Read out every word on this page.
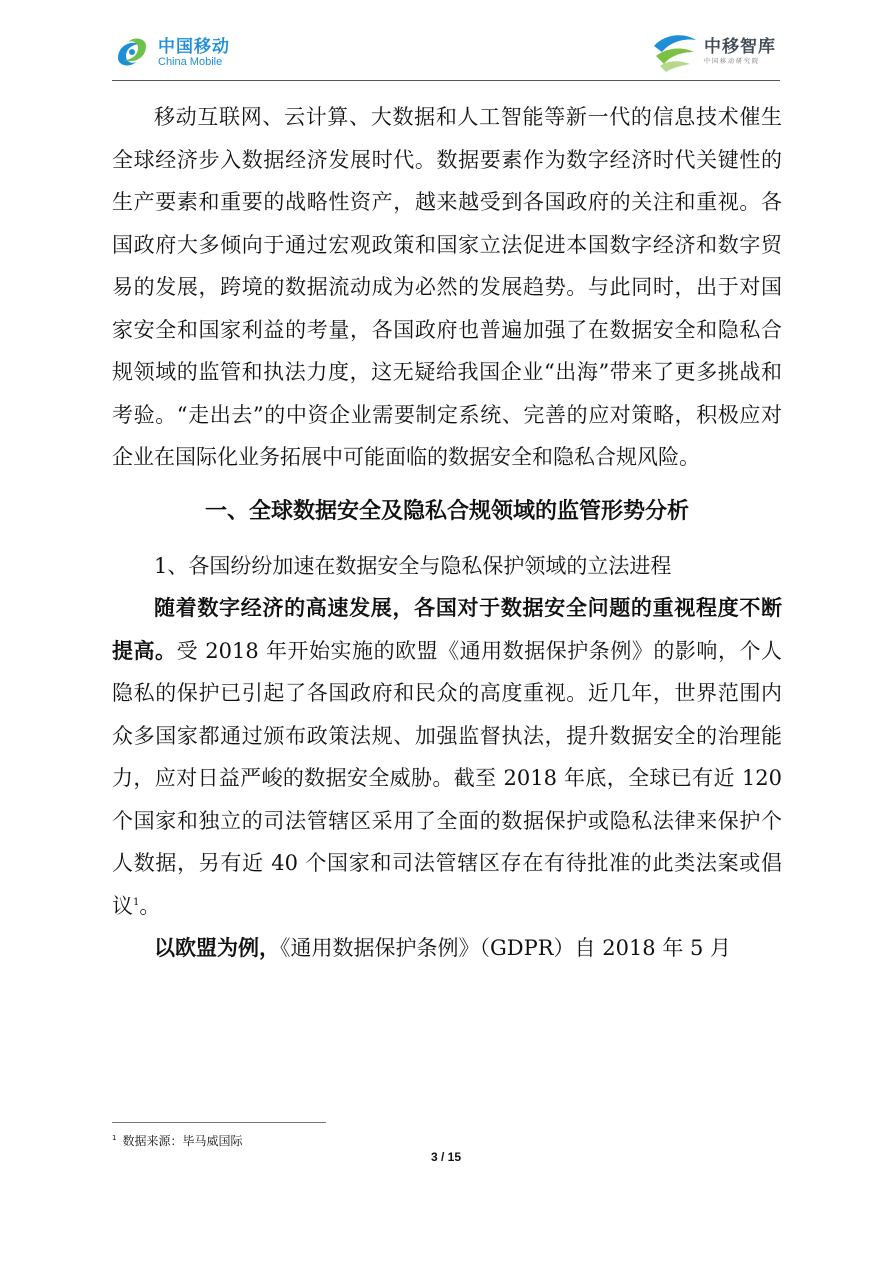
中国移动
China Mobile
中移智库
中国移动研究院

移动互联网、云计算、大数据和人工智能等新一代的信息技术催生全球经济步入数据经济发展时代。数据要素作为数字经济时代关键性的生产要素和重要的战略性资产，越来越受到各国政府的关注和重视。各国政府大多倾向于通过宏观政策和国家立法促进本国数字经济和数字贸易的发展，跨境的数据流动成为必然的发展趋势。与此同时，出于对国家安全和国家利益的考量，各国政府也普遍加强了在数据安全和隐私合规领域的监管和执法力度，这无疑给我国企业“出海”带来了更多挑战和考验。“走出去”的中资企业需要制定系统、完善的应对策略，积极应对企业在国际化业务拓展中可能面临的数据安全和隐私合规风险。

一、全球数据安全及隐私合规领域的监管形势分析

1、各国纷纷加速在数据安全与隐私保护领域的立法进程

随着数字经济的高速发展，各国对于数据安全问题的重视程度不断提高。受 2018 年开始实施的欧盟《通用数据保护条例》的影响，个人隐私的保护已引起了各国政府和民众的高度重视。近几年，世界范围内众多国家都通过颁布政策法规、加强监督执法，提升数据安全的治理能力，应对日益严峻的数据安全威胁。截至 2018 年底，全球已有近 120 个国家和独立的司法管辖区采用了全面的数据保护或隐私法律来保护个人数据，另有近 40 个国家和司法管辖区存在有待批准的此类法案或倡议$^1$。

以欧盟为例，《通用数据保护条例》（GDPR）自 2018 年 5 月

$^1$ 数据来源：毕马威国际
3 / 15
